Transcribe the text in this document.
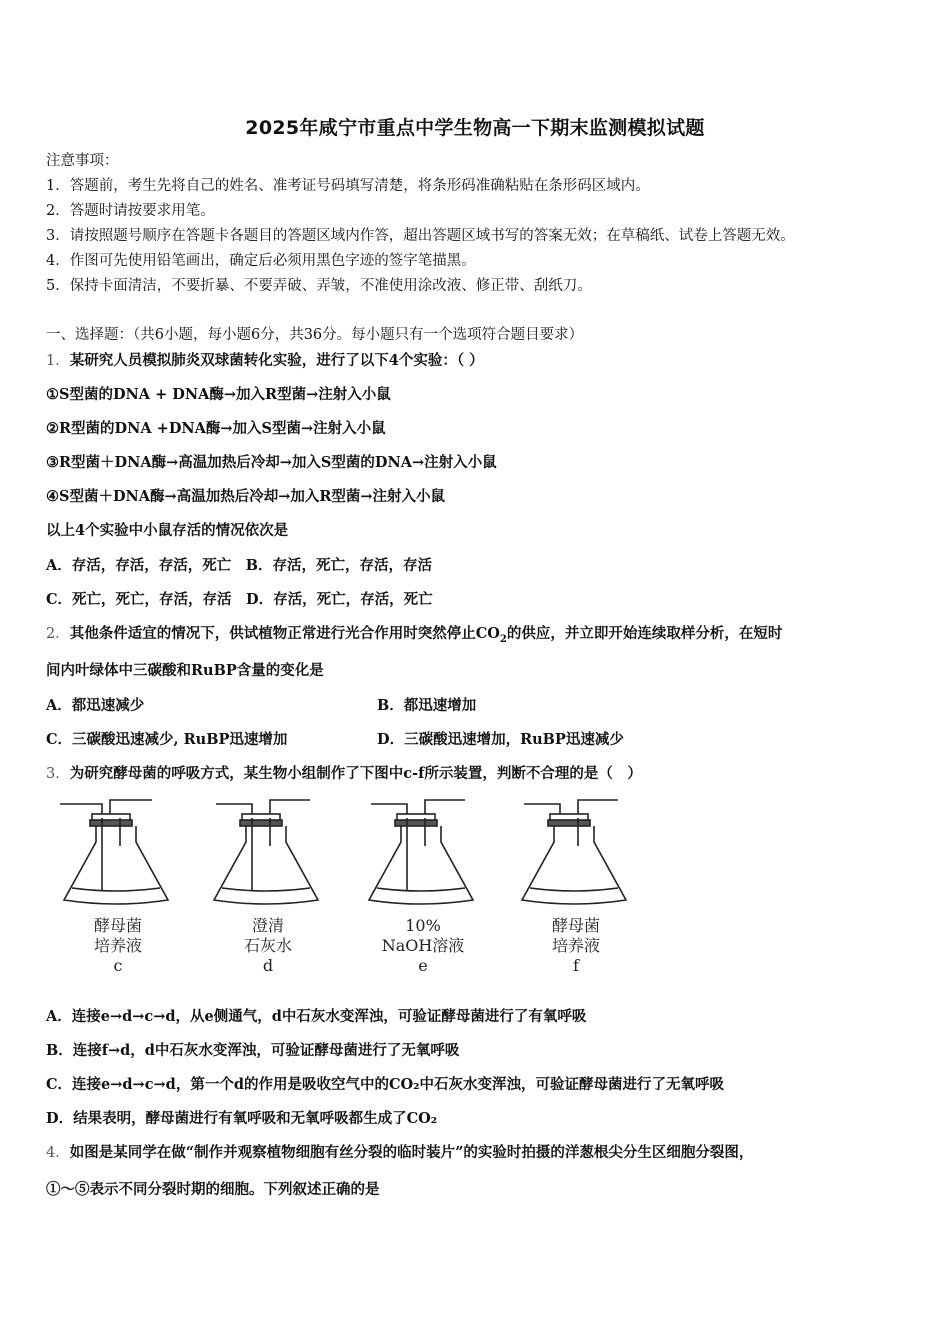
2025年咸宁市重点中学生物高一下期末监测模拟试题
注意事项：
1．答题前，考生先将自己的姓名、准考证号码填写清楚，将条形码准确粘贴在条形码区域内。
2．答题时请按要求用笔。
3．请按照题号顺序在答题卡各题目的答题区域内作答，超出答题区域书写的答案无效；在草稿纸、试卷上答题无效。
4．作图可先使用铅笔画出，确定后必须用黑色字迹的签字笔描黑。
5．保持卡面清洁，不要折暴、不要弄破、弄皱，不准使用涂改液、修正带、刮纸刀。
一、选择题：（共6小题，每小题6分，共36分。每小题只有一个选项符合题目要求）
1．某研究人员模拟肺炎双球菌转化实验，进行了以下4个实验：（ ）
①S型菌的DNA + DNA酶→加入R型菌→注射入小鼠
②R型菌的DNA +DNA酶→加入S型菌→注射入小鼠
③R型菌＋DNA酶→高温加热后冷却→加入S型菌的DNA→注射入小鼠
④S型菌＋DNA酶→高温加热后冷却→加入R型菌→注射入小鼠
以上4个实验中小鼠存活的情况依次是
A．存活，存活，存活，死亡　B．存活，死亡，存活，存活
C．死亡，死亡，存活，存活　D．存活，死亡，存活，死亡
2．其他条件适宜的情况下，供试植物正常进行光合作用时突然停止$CO_2$的供应，并立即开始连续取样分析，在短时
间内叶绿体中三碳酸和RuBP含量的变化是
A．都迅速减少	B．都迅速增加
C．三碳酸迅速减少, RuBP迅速增加	D．三碳酸迅速增加，RuBP迅速减少
3．为研究酵母菌的呼吸方式，某生物小组制作了下图中c-f所示装置，判断不合理的是（　）
酵母菌
培养液
c
澄清
石灰水
d
10%
NaOH溶液
e
酵母菌
培养液
f
A．连接e→d→c→d，从e侧通气，d中石灰水变浑浊，可验证酵母菌进行了有氧呼吸
B．连接f→d，d中石灰水变浑浊，可验证酵母菌进行了无氧呼吸
C．连接e→d→c→d，第一个d的作用是吸收空气中的CO₂中石灰水变浑浊，可验证酵母菌进行了无氧呼吸
D．结果表明，酵母菌进行有氧呼吸和无氧呼吸都生成了CO₂
4．如图是某同学在做“制作并观察植物细胞有丝分裂的临时装片”的实验时拍摄的洋葱根尖分生区细胞分裂图，
①～⑤表示不同分裂时期的细胞。下列叙述正确的是
